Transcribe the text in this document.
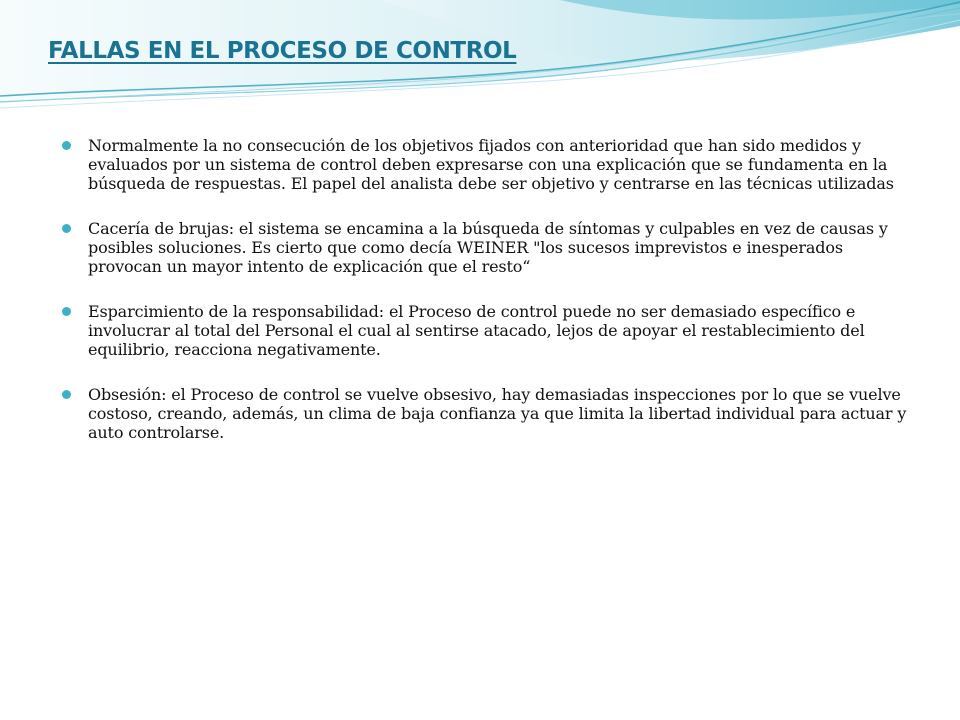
FALLAS EN EL PROCESO DE CONTROL
Normalmente la no consecución de los objetivos fijados con anterioridad que han sido medidos y evaluados por un sistema de control deben expresarse con una explicación que se fundamenta en la búsqueda de respuestas. El papel del analista debe ser objetivo y centrarse en las técnicas utilizadas
Cacería de brujas: el sistema se encamina a la búsqueda de síntomas y culpables en vez de causas y posibles soluciones. Es cierto que como decía WEINER "los sucesos imprevistos e inesperados provocan un mayor intento de explicación que el resto“
Esparcimiento de la responsabilidad: el Proceso de control puede no ser demasiado específico e involucrar al total del Personal el cual al sentirse atacado, lejos de apoyar el restablecimiento del equilibrio, reacciona negativamente.
Obsesión: el Proceso de control se vuelve obsesivo, hay demasiadas inspecciones por lo que se vuelve costoso, creando, además, un clima de baja confianza ya que limita la libertad individual para actuar y auto controlarse.
